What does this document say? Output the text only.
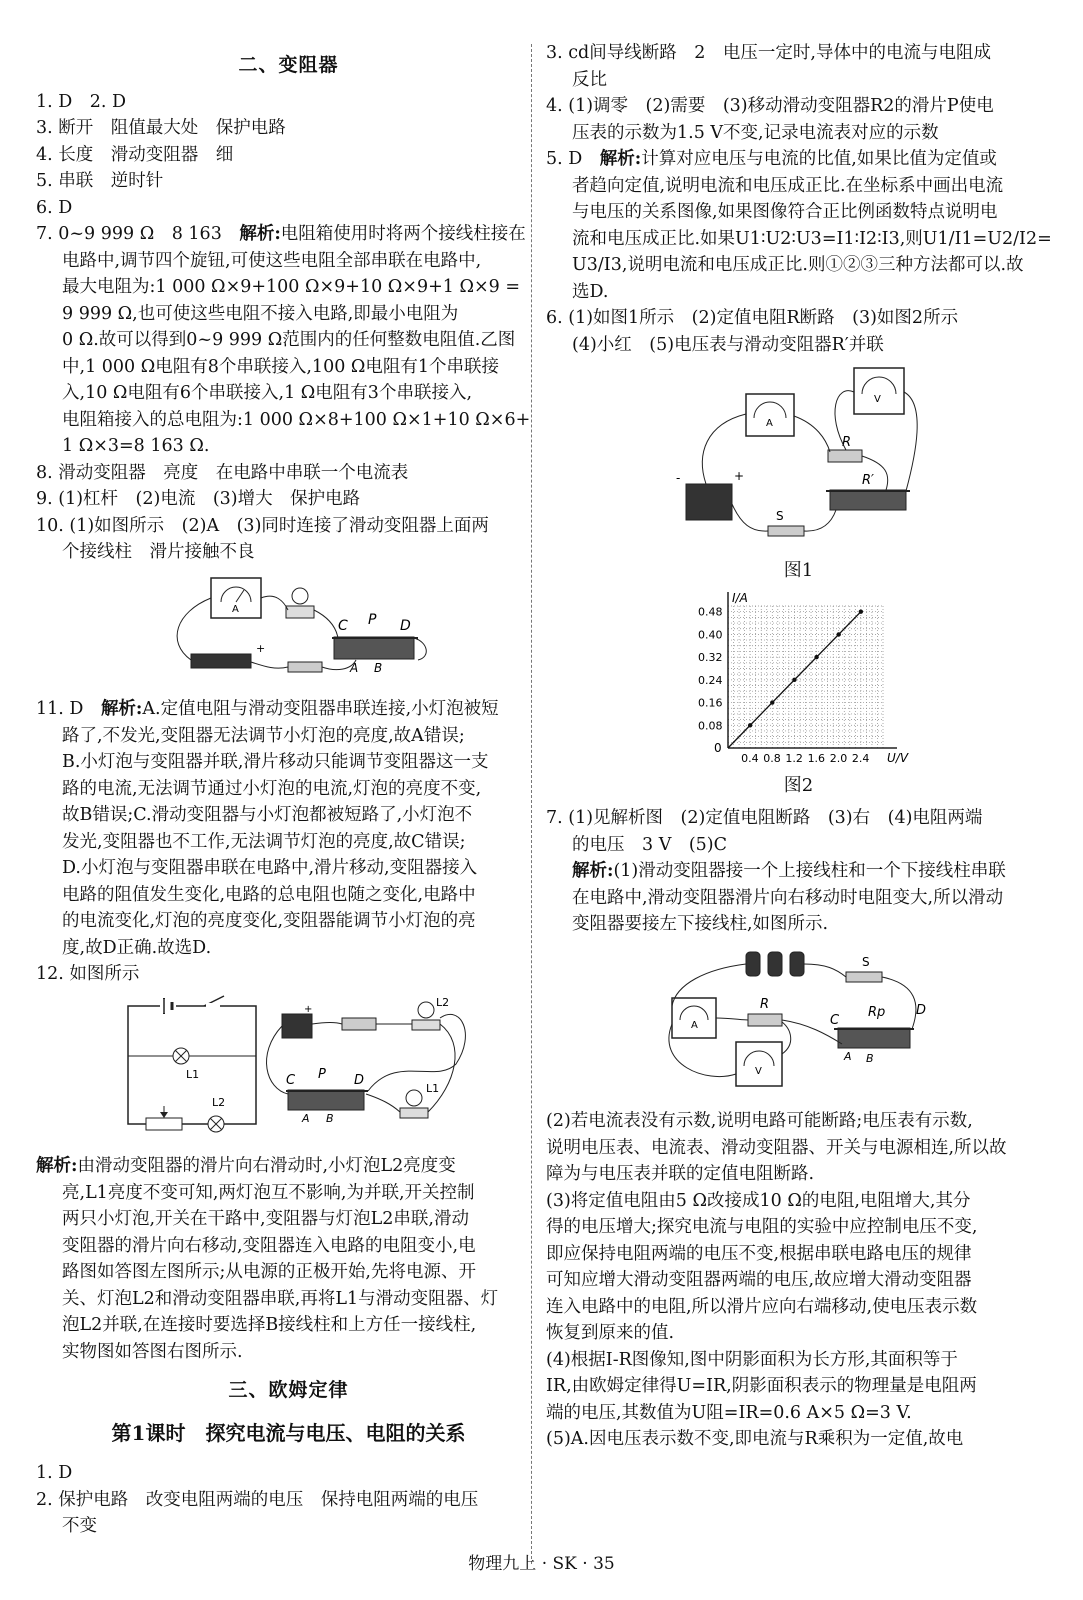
二、变阻器
1. D　2. D
3. 断开　阻值最大处　保护电路
4. 长度　滑动变阻器　细
5. 串联　逆时针
6. D
7. 0~9 999 Ω　8 163　解析:电阻箱使用时将两个接线柱接在
电路中,调节四个旋钮,可使这些电阻全部串联在电路中,
最大电阻为:1 000 Ω×9+100 Ω×9+10 Ω×9+1 Ω×9 =
9 999 Ω,也可使这些电阻不接入电路,即最小电阻为
0 Ω.故可以得到0~9 999 Ω范围内的任何整数电阻值.乙图
中,1 000 Ω电阻有8个串联接入,100 Ω电阻有1个串联接
入,10 Ω电阻有6个串联接入,1 Ω电阻有3个串联接入,
电阻箱接入的总电阻为:1 000 Ω×8+100 Ω×1+10 Ω×6+
1 Ω×3=8 163 Ω.
8. 滑动变阻器　亮度　在电路中串联一个电流表
9. (1)杠杆　(2)电流　(3)增大　保护电路
10. (1)如图所示　(2)A　(3)同时连接了滑动变阻器上面两
个接线柱　滑片接触不良
A
C P D
A B
+
11. D　解析:A.定值电阻与滑动变阻器串联连接,小灯泡被短
路了,不发光,变阻器无法调节小灯泡的亮度,故A错误;
B.小灯泡与变阻器并联,滑片移动只能调节变阻器这一支
路的电流,无法调节通过小灯泡的电流,灯泡的亮度不变,
故B错误;C.滑动变阻器与小灯泡都被短路了,小灯泡不
发光,变阻器也不工作,无法调节灯泡的亮度,故C错误;
D.小灯泡与变阻器串联在电路中,滑片移动,变阻器接入
电路的阻值发生变化,电路的总电阻也随之变化,电路中
的电流变化,灯泡的亮度变化,变阻器能调节小灯泡的亮
度,故D正确.故选D.
12. 如图所示
L1
L2
+
L2
C P D
A B
L1
解析:由滑动变阻器的滑片向右滑动时,小灯泡L2亮度变
亮,L1亮度不变可知,两灯泡互不影响,为并联,开关控制
两只小灯泡,开关在干路中,变阻器与灯泡L2串联,滑动
变阻器的滑片向右移动,变阻器连入电路的电阻变小,电
路图如答图左图所示;从电源的正极开始,先将电源、开
关、灯泡L2和滑动变阻器串联,再将L1与滑动变阻器、灯
泡L2并联,在连接时要选择B接线柱和上方任一接线柱,
实物图如答图右图所示.
三、欧姆定律
第1课时　探究电流与电压、电阻的关系
1. D
2. 保护电路　改变电阻两端的电压　保持电阻两端的电压
不变
3. cd间导线断路　2　电压一定时,导体中的电流与电阻成
反比
4. (1)调零　(2)需要　(3)移动滑动变阻器R2的滑片P使电
压表的示数为1.5 V不变,记录电流表对应的示数
5. D　解析:计算对应电压与电流的比值,如果比值为定值或
者趋向定值,说明电流和电压成正比.在坐标系中画出电流
与电压的关系图像,如果图像符合正比例函数特点说明电
流和电压成正比.如果U1∶U2∶U3=I1∶I2∶I3,则U1/I1=U2/I2=
U3/I3,说明电流和电压成正比.则①②③三种方法都可以.故
选D.
6. (1)如图1所示　(2)定值电阻R断路　(3)如图2所示
(4)小红　(5)电压表与滑动变阻器R′并联
V
A
R
+
-	R′
S
图1
I/A
U/V
0
0.4 0.8 1.2 1.6 2.0 2.4
0.08
0.16
0.24
0.32
0.40
0.48
图2
7. (1)见解析图　(2)定值电阻断路　(3)右　(4)电阻两端
的电压　3 V　(5)C
解析:(1)滑动变阻器接一个上接线柱和一个下接线柱串联
在电路中,滑动变阻器滑片向右移动时电阻变大,所以滑动
变阻器要接左下接线柱,如图所示.
S
A
R
C
Rp D
A B
V
(2)若电流表没有示数,说明电路可能断路;电压表有示数,
说明电压表、电流表、滑动变阻器、开关与电源相连,所以故
障为与电压表并联的定值电阻断路.
(3)将定值电阻由5 Ω改接成10 Ω的电阻,电阻增大,其分
得的电压增大;探究电流与电阻的实验中应控制电压不变,
即应保持电阻两端的电压不变,根据串联电路电压的规律
可知应增大滑动变阻器两端的电压,故应增大滑动变阻器
连入电路中的电阻,所以滑片应向右端移动,使电压表示数
恢复到原来的值.
(4)根据I-R图像知,图中阴影面积为长方形,其面积等于
IR,由欧姆定律得U=IR,阴影面积表示的物理量是电阻两
端的电压,其数值为U阻=IR=0.6 A×5 Ω=3 V.
(5)A.因电压表示数不变,即电流与R乘积为一定值,故电
物理九上 · SK · 35
